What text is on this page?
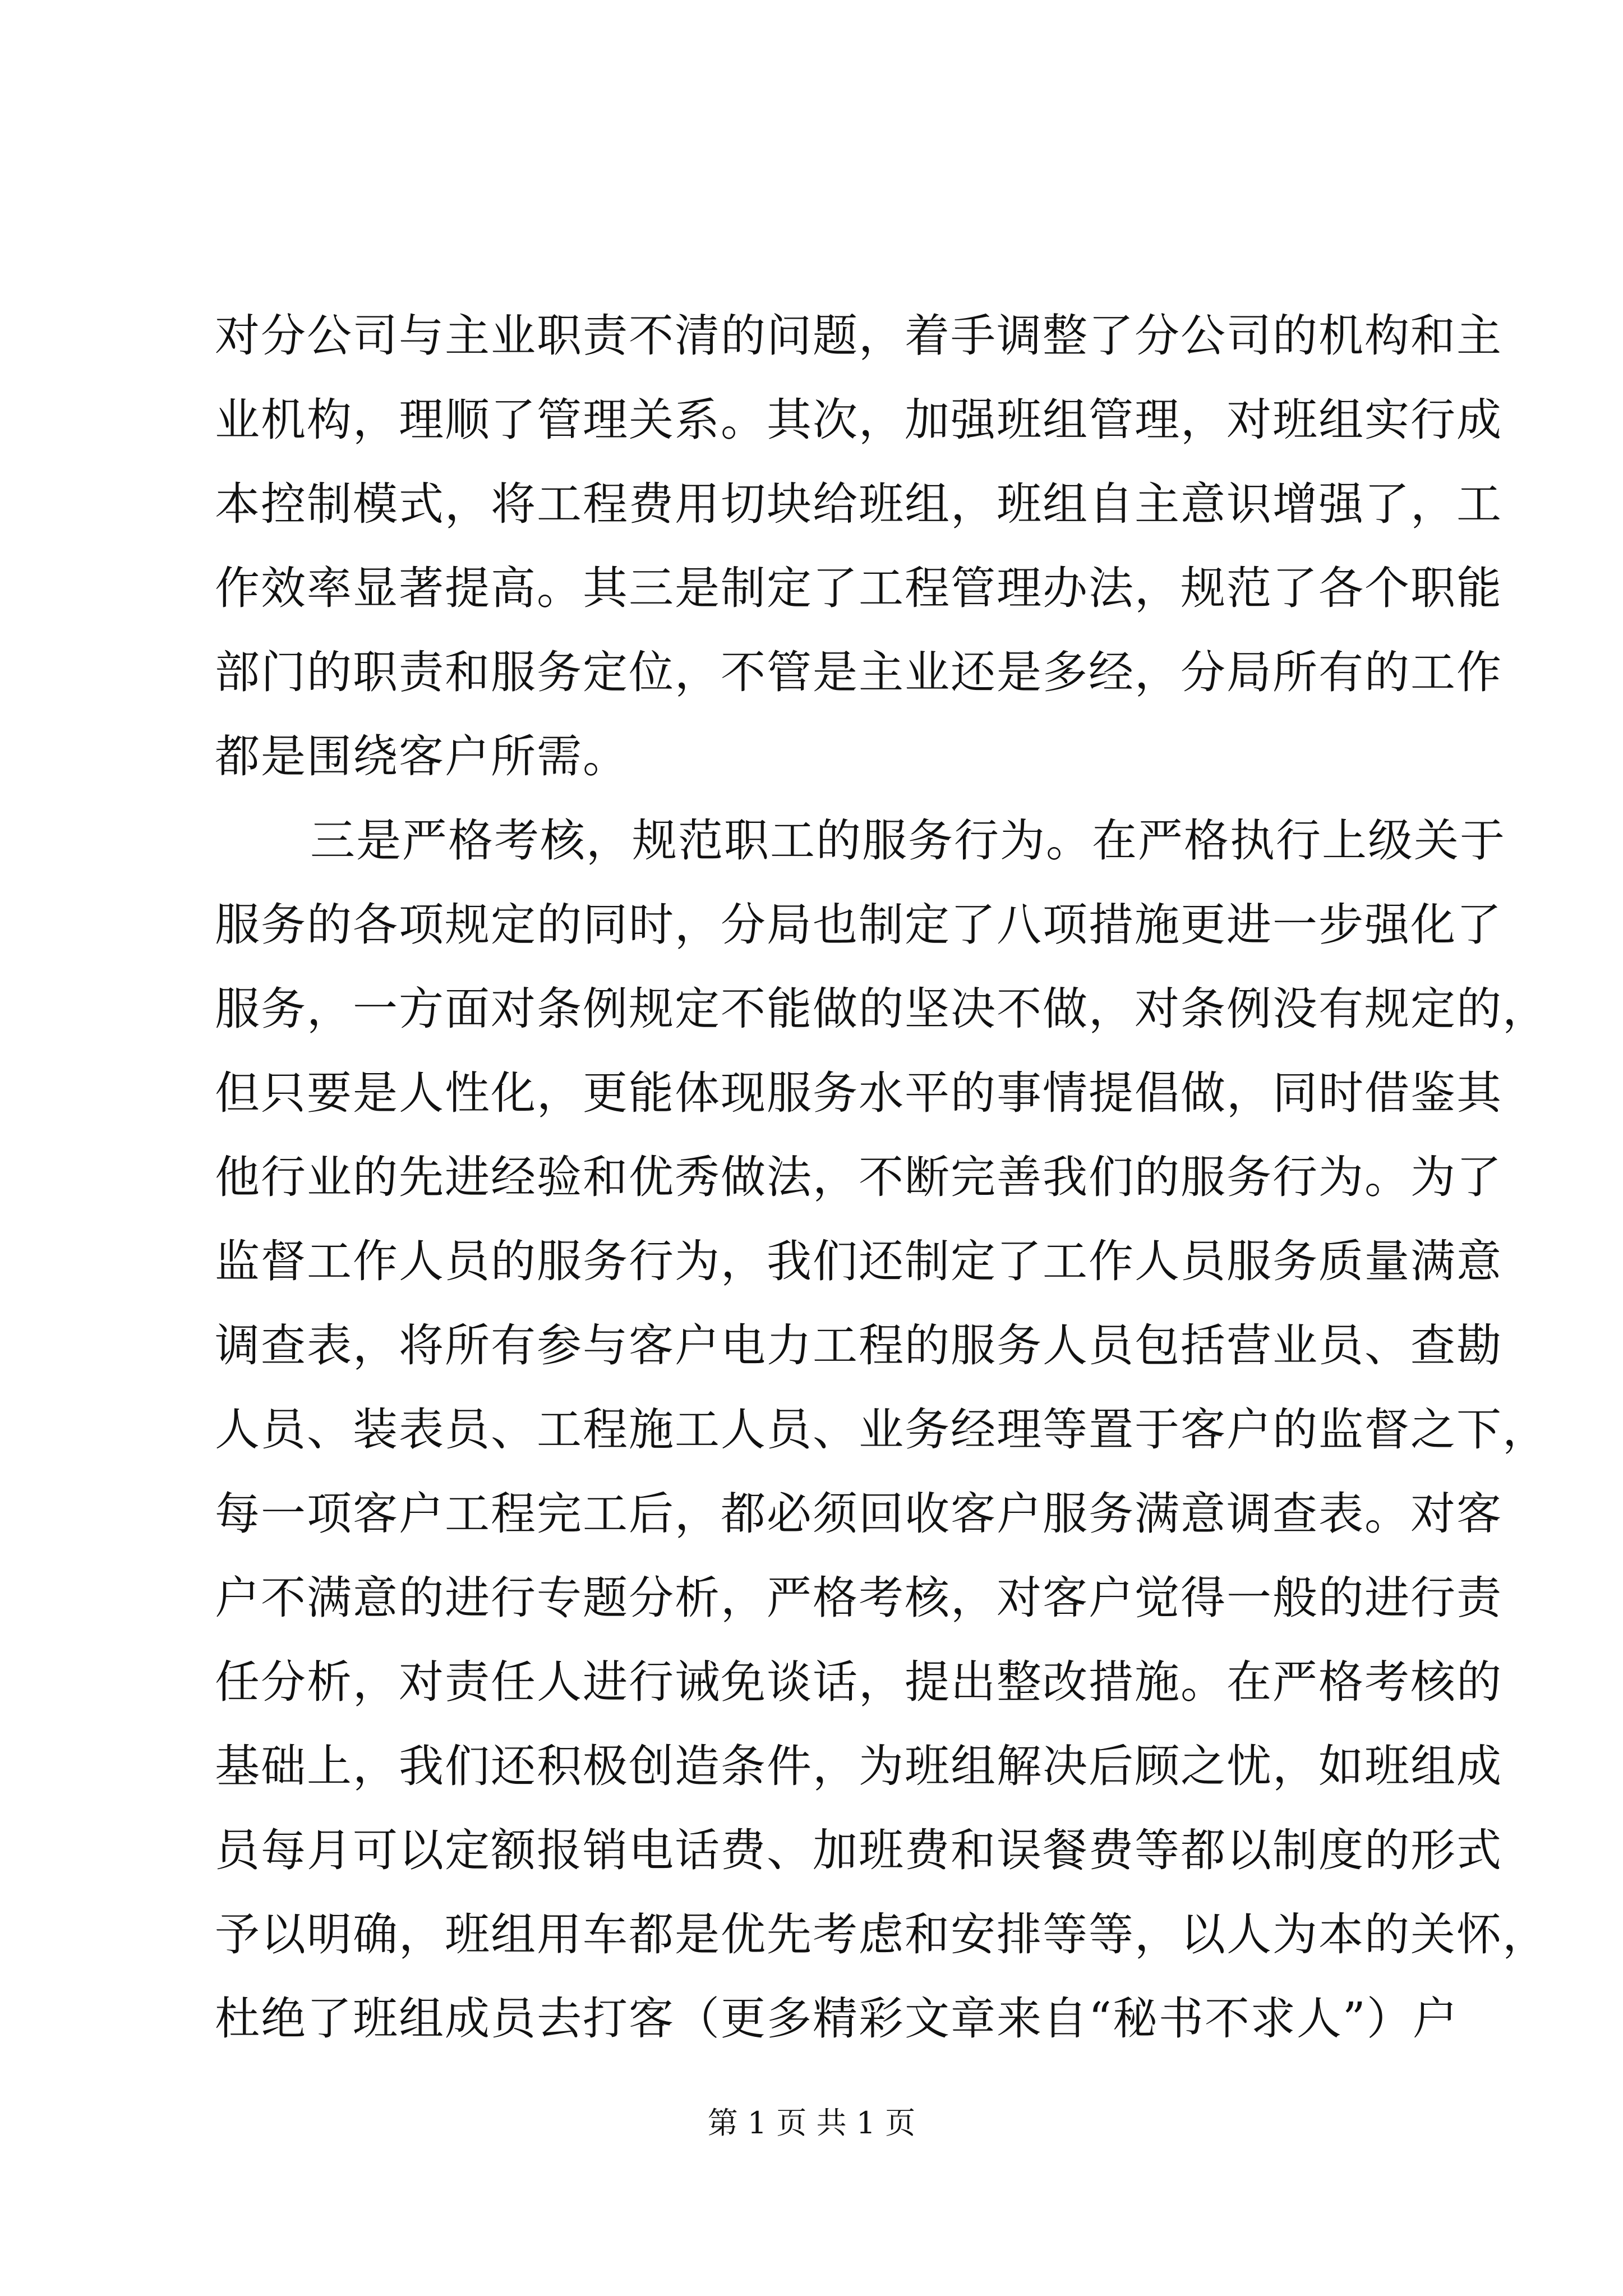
对分公司与主业职责不清的问题，着手调整了分公司的机构和主
业机构，理顺了管理关系。其次，加强班组管理，对班组实行成
本控制模式，将工程费用切块给班组，班组自主意识增强了，工
作效率显著提高。其三是制定了工程管理办法，规范了各个职能
部门的职责和服务定位，不管是主业还是多经，分局所有的工作
都是围绕客户所需。

三是严格考核，规范职工的服务行为。在严格执行上级关于
服务的各项规定的同时，分局也制定了八项措施更进一步强化了
服务，一方面对条例规定不能做的坚决不做，对条例没有规定的，
但只要是人性化，更能体现服务水平的事情提倡做，同时借鉴其
他行业的先进经验和优秀做法，不断完善我们的服务行为。为了
监督工作人员的服务行为，我们还制定了工作人员服务质量满意
调查表，将所有参与客户电力工程的服务人员包括营业员、查勘
人员、装表员、工程施工人员、业务经理等置于客户的监督之下，
每一项客户工程完工后，都必须回收客户服务满意调查表。对客
户不满意的进行专题分析，严格考核，对客户觉得一般的进行责
任分析，对责任人进行诫免谈话，提出整改措施。在严格考核的
基础上，我们还积极创造条件，为班组解决后顾之忧，如班组成
员每月可以定额报销电话费、加班费和误餐费等都以制度的形式
予以明确，班组用车都是优先考虑和安排等等，以人为本的关怀，
杜绝了班组成员去打客（更多精彩文章来自“秘书不求人”）户

第 1 页 共 1 页
